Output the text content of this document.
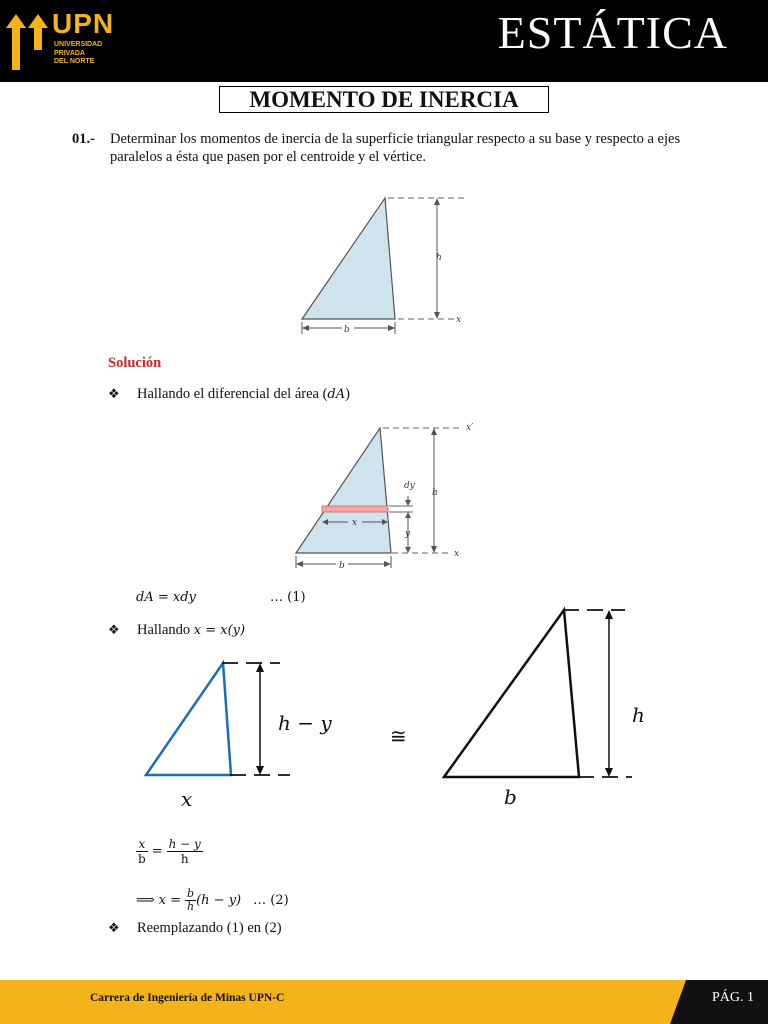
UPN
UNIVERSIDAD
PRIVADA
DEL NORTE
ESTÁTICA
MOMENTO DE INERCIA
01.- Determinar los momentos de inercia de la superficie triangular respecto a su base y respecto a ejes paralelos a ésta que pasen por el centroide y el vértice.
h
b
x
Solución
❖ Hallando el diferencial del área (dA)
x′
dy
h
x
y
x
b
dA = xdy	… (1)
❖ Hallando x = x(y)
h − y
x
≅
h
b
$\frac{x}{b} = \frac{h - y}{h}$
⟹ $x = \frac{b}{h} (h - y)$ … (2)
❖ Reemplazando (1) en (2)
Carrera de Ingeniería de Minas UPN-C	PÁG. 1
